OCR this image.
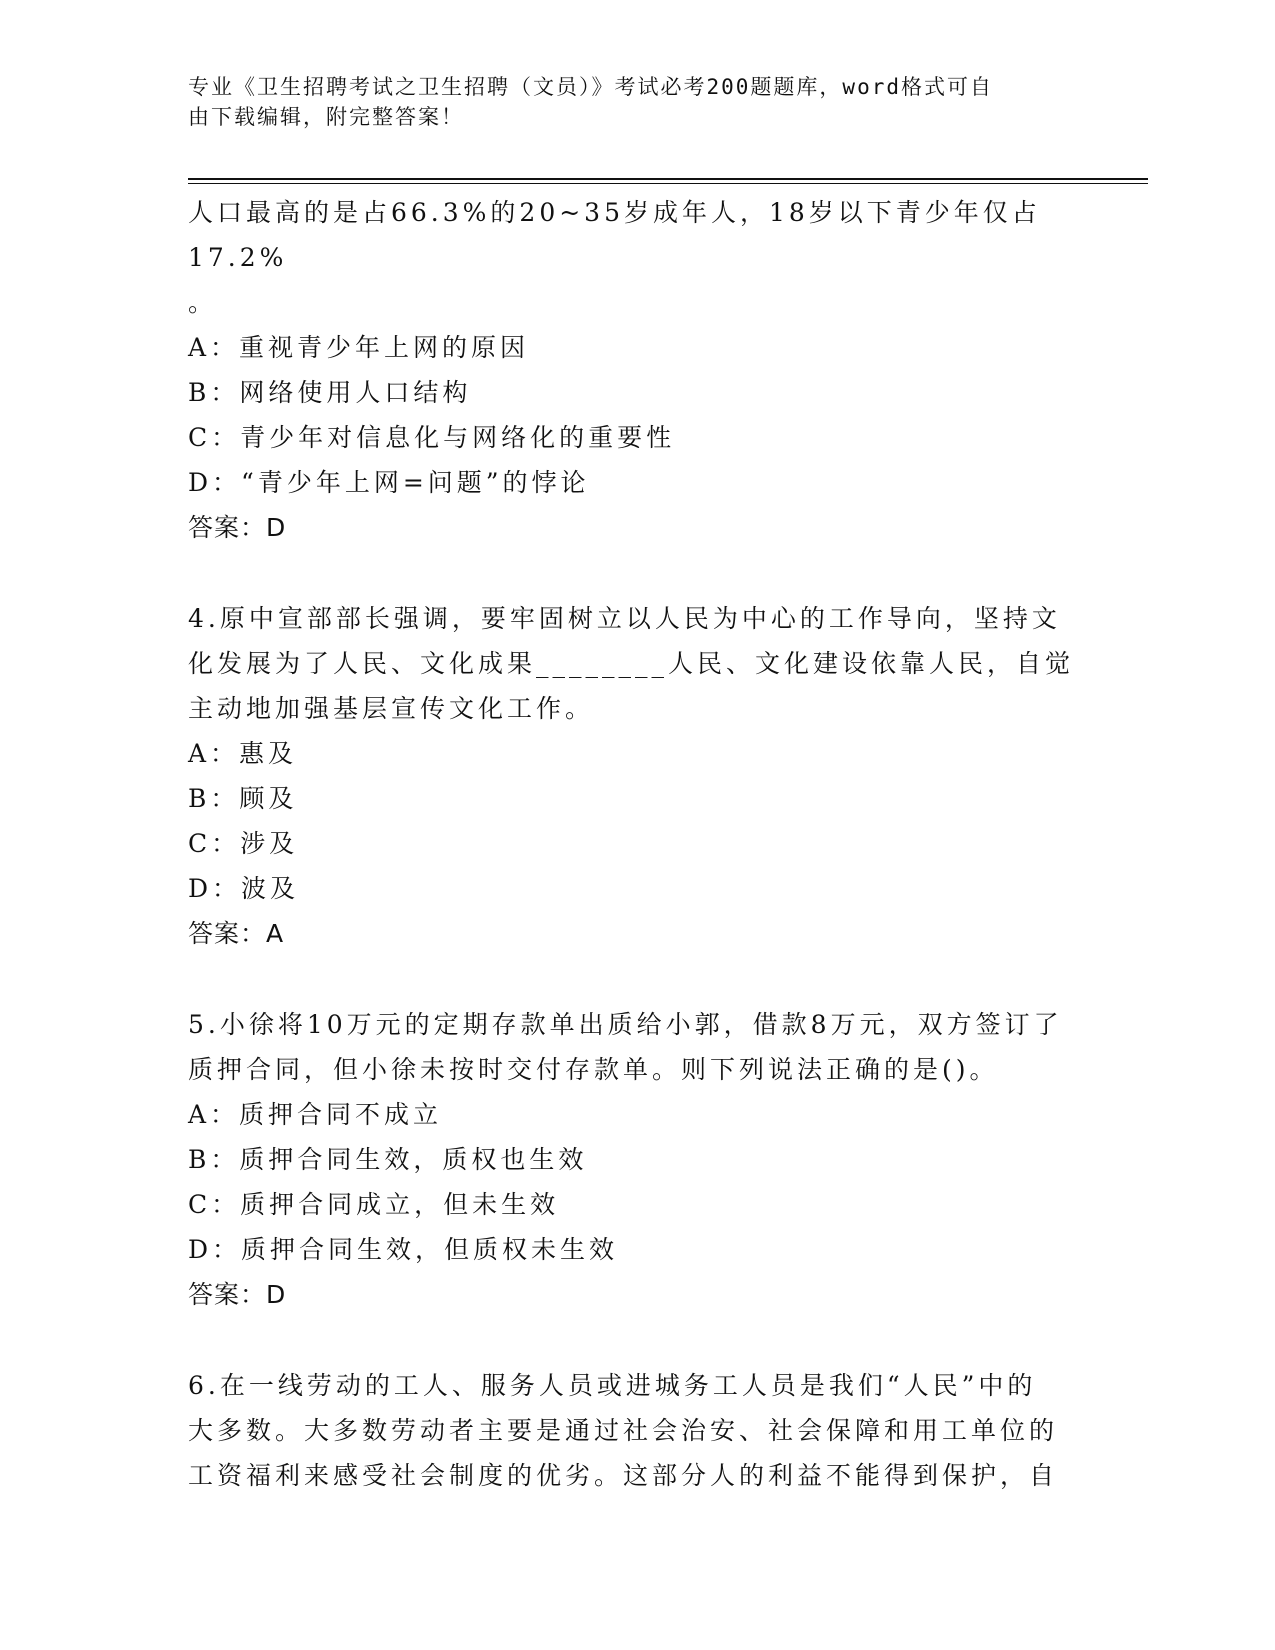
专业《卫生招聘考试之卫生招聘（文员）》考试必考200题题库，word格式可自
由下载编辑，附完整答案！

人口最高的是占66.3%的20~35岁成年人，18岁以下青少年仅占17.2%

。

A：重视青少年上网的原因

B：网络使用人口结构

C：青少年对信息化与网络化的重要性

D：“青少年上网=问题”的悖论

答案：D

4.原中宣部部长强调，要牢固树立以人民为中心的工作导向，坚持文

化发展为了人民、文化成果________人民、文化建设依靠人民，自觉

主动地加强基层宣传文化工作。

A：惠及

B：顾及

C：涉及

D：波及

答案：A

5.小徐将10万元的定期存款单出质给小郭，借款8万元，双方签订了

质押合同，但小徐未按时交付存款单。则下列说法正确的是()。

A：质押合同不成立

B：质押合同生效，质权也生效

C：质押合同成立，但未生效

D：质押合同生效，但质权未生效

答案：D

6.在一线劳动的工人、服务人员或进城务工人员是我们“人民”中的

大多数。大多数劳动者主要是通过社会治安、社会保障和用工单位的

工资福利来感受社会制度的优劣。这部分人的利益不能得到保护，自
